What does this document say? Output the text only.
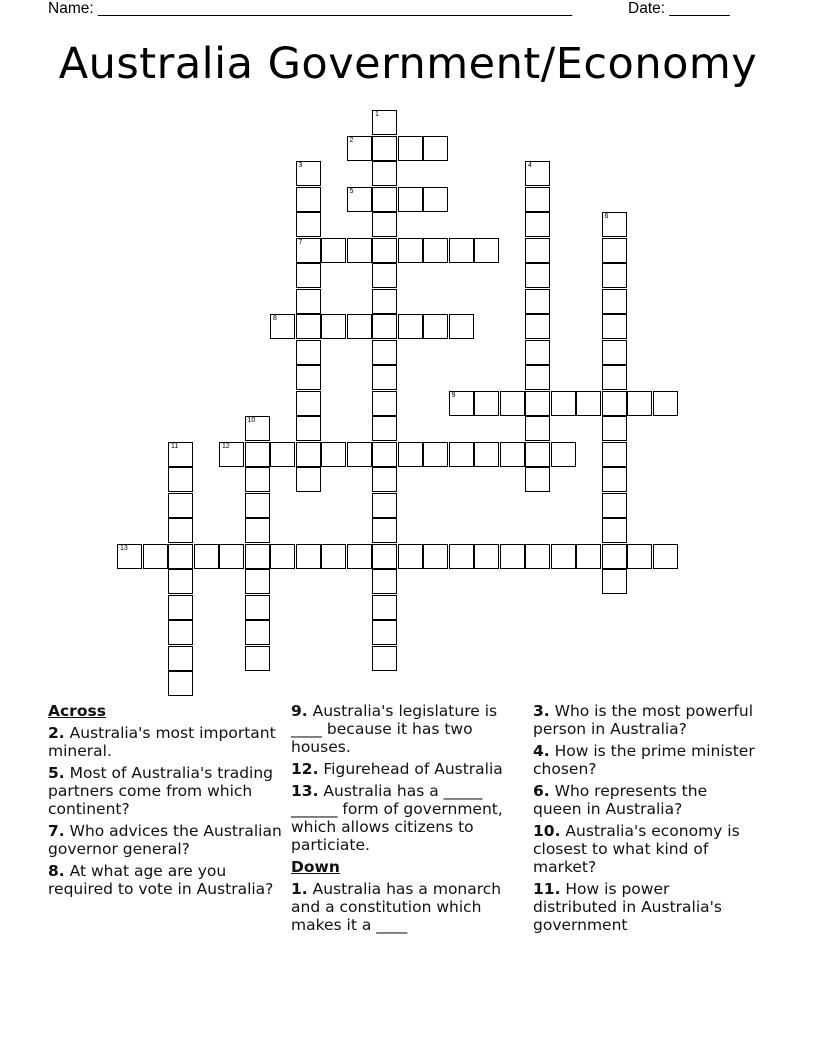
Name: _______________________________________________________	Date: _______
Australia Government/Economy
1
2
3
7
4
5
6
8
9
10
11	12
13
Across
2. Australia's most important mineral.
5. Most of Australia's trading partners come from which continent?
7. Who advices the Australian governor general?
8. At what age are you required to vote in Australia?
9. Australia's legislature is ____ because it has two houses.
12. Figurehead of Australia
13. Australia has a _____ ______ form of government, which allows citizens to particiate.
Down
1. Australia has a monarch and a constitution which makes it a ____
3. Who is the most powerful person in Australia?
4. How is the prime minister chosen?
6. Who represents the queen in Australia?
10. Australia's economy is closest to what kind of market?
11. How is power distributed in Australia's government
